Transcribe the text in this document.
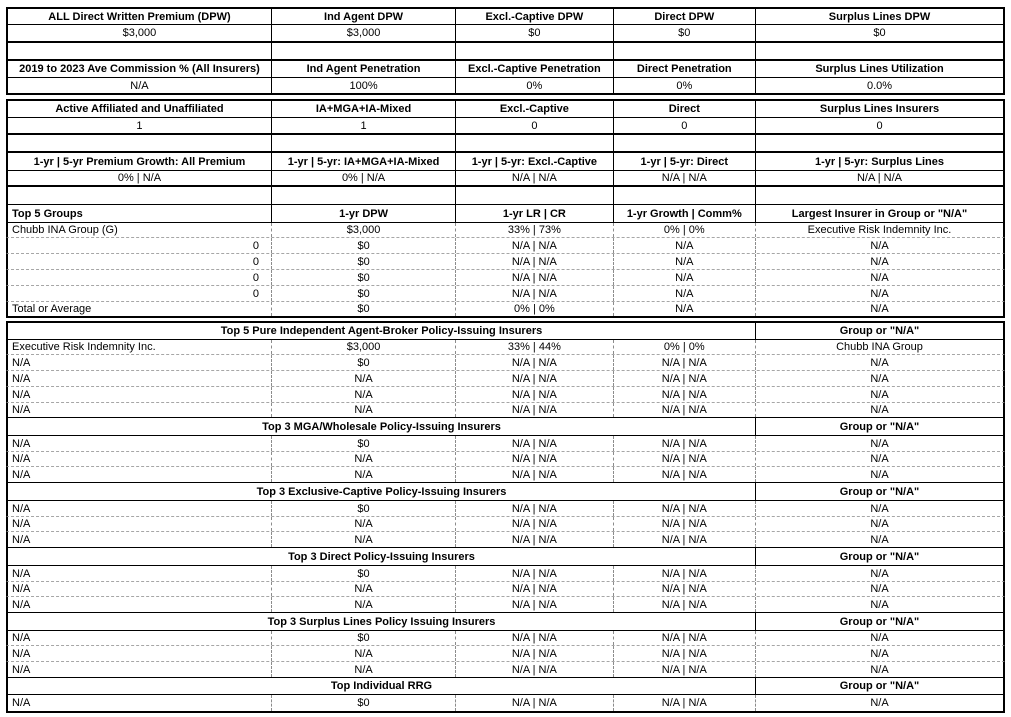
ALL Direct Written Premium (DPW)	Ind Agent DPW	Excl.-Captive DPW	Direct DPW	Surplus Lines DPW
$3,000	$3,000	$0	$0	$0
2019 to 2023 Ave Commission % (All Insurers)	Ind Agent Penetration	Excl.-Captive Penetration	Direct Penetration	Surplus Lines Utilization
N/A	100%	0%	0%	0.0%
Active Affiliated and Unaffiliated	IA+MGA+IA-Mixed	Excl.-Captive	Direct	Surplus Lines Insurers
1	1	0	0	0
1-yr | 5-yr Premium Growth: All Premium	1-yr | 5-yr: IA+MGA+IA-Mixed	1-yr | 5-yr: Excl.-Captive	1-yr | 5-yr: Direct	1-yr | 5-yr: Surplus Lines
0% | N/A	0% | N/A	N/A | N/A	N/A | N/A	N/A | N/A
Top 5 Groups	1-yr DPW	1-yr LR | CR	1-yr Growth | Comm%	Largest Insurer in Group or "N/A"
Chubb INA Group (G)	$3,000	33% | 73%	0% | 0%	Executive Risk Indemnity Inc.
0	$0	N/A | N/A	N/A	N/A
0	$0	N/A | N/A	N/A	N/A
0	$0	N/A | N/A	N/A	N/A
0	$0	N/A | N/A	N/A	N/A
Total or Average	$0	0% | 0%	N/A	N/A
Top 5 Pure Independent Agent-Broker Policy-Issuing Insurers	Group or "N/A"
Executive Risk Indemnity Inc.	$3,000	33% | 44%	0% | 0%	Chubb INA Group
N/A	$0	N/A | N/A	N/A | N/A	N/A
N/A	N/A	N/A | N/A	N/A | N/A	N/A
N/A	N/A	N/A | N/A	N/A | N/A	N/A
N/A	N/A	N/A | N/A	N/A | N/A	N/A
Top 3 MGA/Wholesale Policy-Issuing Insurers	Group or "N/A"
N/A	$0	N/A | N/A	N/A | N/A	N/A
N/A	N/A	N/A | N/A	N/A | N/A	N/A
N/A	N/A	N/A | N/A	N/A | N/A	N/A
Top 3 Exclusive-Captive Policy-Issuing Insurers	Group or "N/A"
N/A	$0	N/A | N/A	N/A | N/A	N/A
N/A	N/A	N/A | N/A	N/A | N/A	N/A
N/A	N/A	N/A | N/A	N/A | N/A	N/A
Top 3 Direct Policy-Issuing Insurers	Group or "N/A"
N/A	$0	N/A | N/A	N/A | N/A	N/A
N/A	N/A	N/A | N/A	N/A | N/A	N/A
N/A	N/A	N/A | N/A	N/A | N/A	N/A
Top 3 Surplus Lines Policy Issuing Insurers	Group or "N/A"
N/A	$0	N/A | N/A	N/A | N/A	N/A
N/A	N/A	N/A | N/A	N/A | N/A	N/A
N/A	N/A	N/A | N/A	N/A | N/A	N/A
Top Individual RRG	Group or "N/A"
N/A	$0	N/A | N/A	N/A | N/A	N/A
